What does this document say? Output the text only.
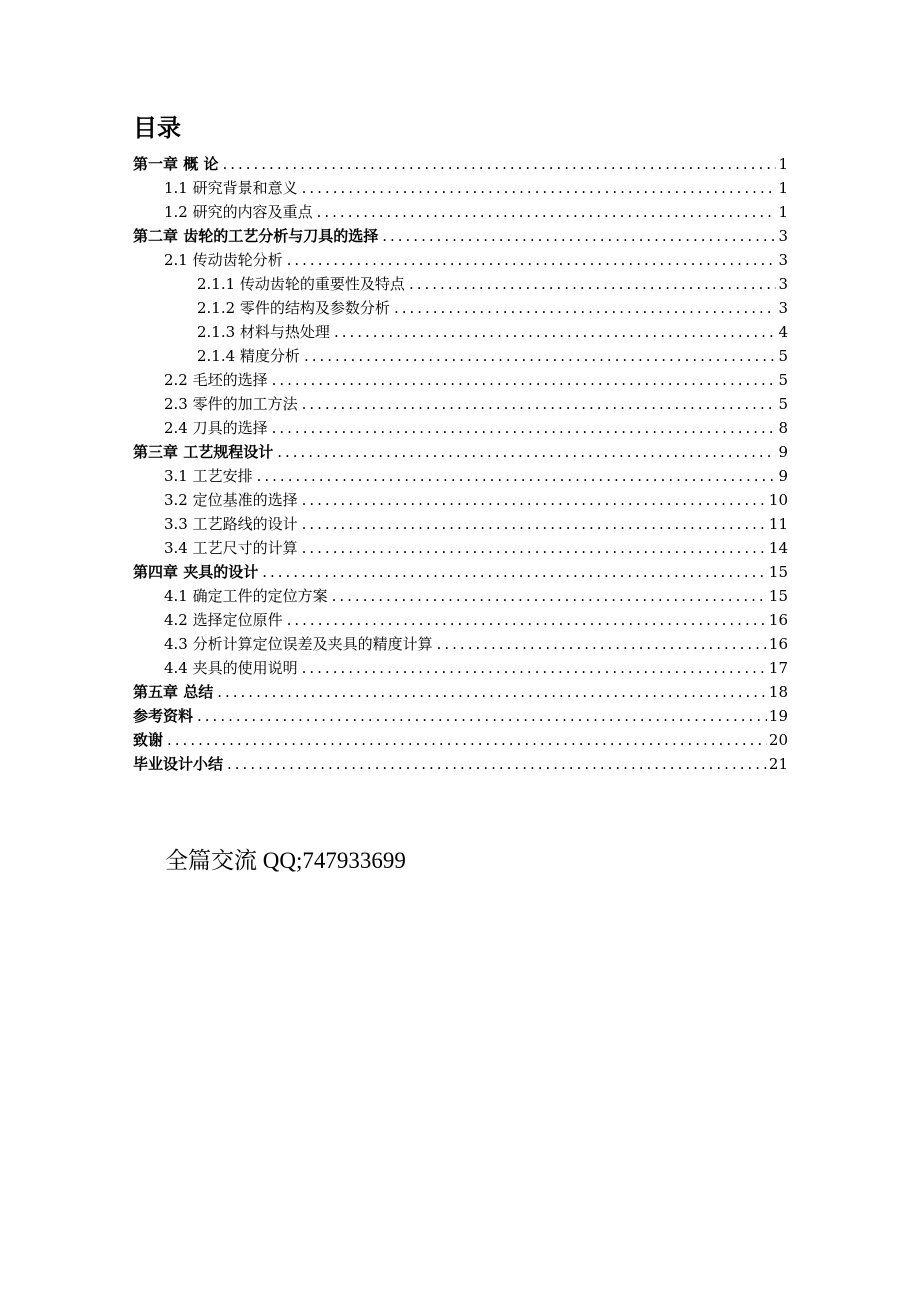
目录
第一章 概 论 .....	1
1.1 研究背景和意义 .....	1
1.2 研究的内容及重点 .....	1
第二章 齿轮的工艺分析与刀具的选择 .....	3
2.1 传动齿轮分析 .....	3
2.1.1 传动齿轮的重要性及特点 .....	3
2.1.2 零件的结构及参数分析 .....	3
2.1.3 材料与热处理 .....	4
2.1.4 精度分析 .....	5
2.2 毛坯的选择 .....	5
2.3 零件的加工方法 .....	5
2.4 刀具的选择 .....	8
第三章 工艺规程设计 .....	9
3.1 工艺安排 .....	9
3.2 定位基准的选择 .....	10
3.3 工艺路线的设计 .....	11
3.4 工艺尺寸的计算 .....	14
第四章 夹具的设计 .....	15
4.1 确定工件的定位方案 .....	15
4.2 选择定位原件 .....	16
4.3 分析计算定位误差及夹具的精度计算 .....	16
4.4 夹具的使用说明 .....	17
第五章 总结 .....	18
参考资料 .....	19
致谢 .....	20
毕业设计小结 .....	21

全篇交流 QQ;747933699
